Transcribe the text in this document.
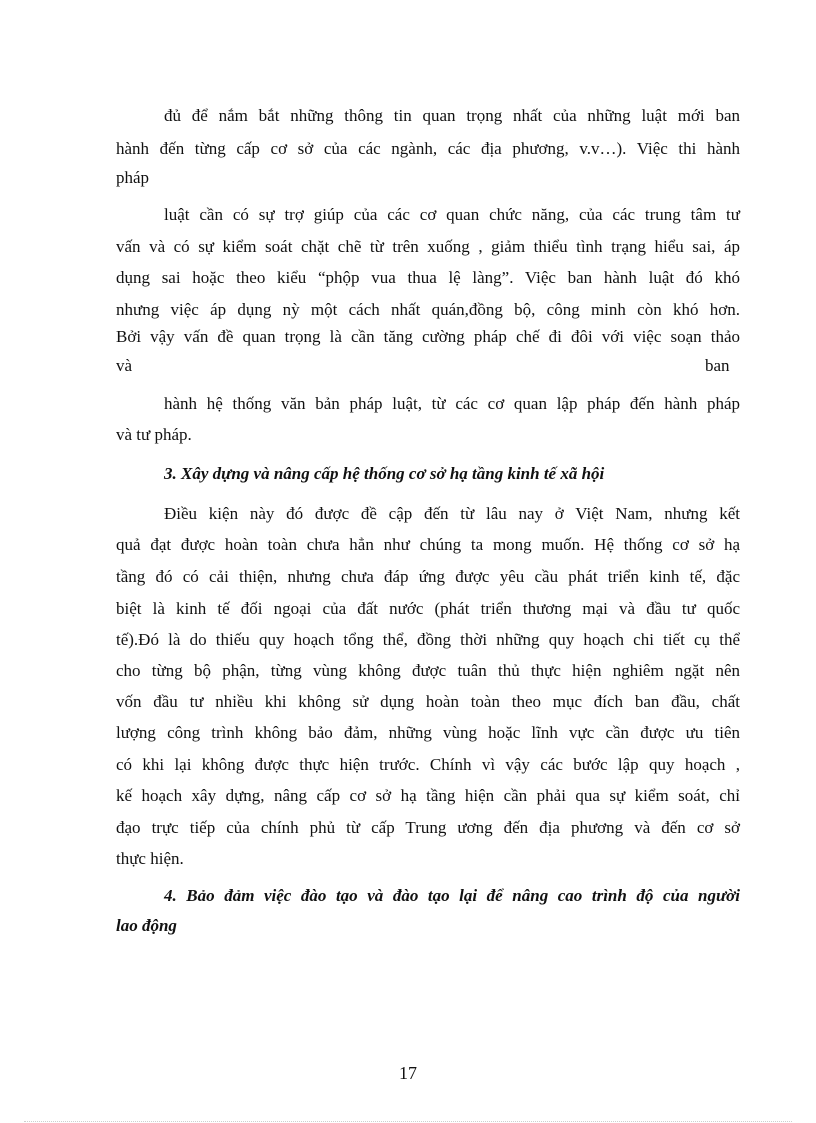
đủ để nắm bắt những thông tin quan trọng nhất của những luật mới ban
hành đến từng cấp cơ sở của các ngành, các địa phương, v.v…). Việc thi hành
pháp
luật cần có sự trợ giúp của các cơ quan chức năng, của các trung tâm tư
vấn và có sự kiểm soát chặt chẽ từ trên xuống , giảm thiểu tình trạng hiểu sai, áp
dụng sai hoặc theo kiểu “phộp vua thua lệ làng”. Việc ban hành luật đó khó
nhưng việc áp dụng nỳ một cách nhất quán,đồng bộ, công minh còn khó hơn.
Bởi vậy vấn đề quan trọng là cần tăng cường pháp chế đi đôi với việc soạn thảo
và	ban
hành hệ thống văn bản pháp luật, từ các cơ quan lập pháp đến hành pháp
và tư pháp.
3. Xây dựng và nâng cấp hệ thống cơ sở hạ tầng kinh tế xã hội
Điều kiện này đó được đề cập đến từ lâu nay ở Việt Nam, nhưng kết
quả đạt được hoàn toàn chưa hẳn như chúng ta mong muốn. Hệ thống cơ sở hạ
tầng đó có cải thiện, nhưng chưa đáp ứng được yêu cầu phát triển kinh tế, đặc
biệt là kinh tế đối ngoại của đất nước (phát triển thương mại và đầu tư quốc
tế).Đó là do thiếu quy hoạch tổng thể, đồng thời những quy hoạch chi tiết cụ thể
cho từng bộ phận, từng vùng không được tuân thủ thực hiện nghiêm ngặt nên
vốn đầu tư nhiều khi không sử dụng hoàn toàn theo mục đích ban đầu, chất
lượng công trình không bảo đảm, những vùng hoặc lĩnh vực cần được ưu tiên
có khi lại không được thực hiện trước. Chính vì vậy các bước lập quy hoạch ,
kế hoạch xây dựng, nâng cấp cơ sở hạ tầng hiện cần phải qua sự kiểm soát, chỉ
đạo trực tiếp của chính phủ từ cấp Trung ương đến địa phương và đến cơ sở
thực hiện.
4. Bảo đảm việc đào tạo và đào tạo lại để nâng cao trình độ của người
lao động
17
